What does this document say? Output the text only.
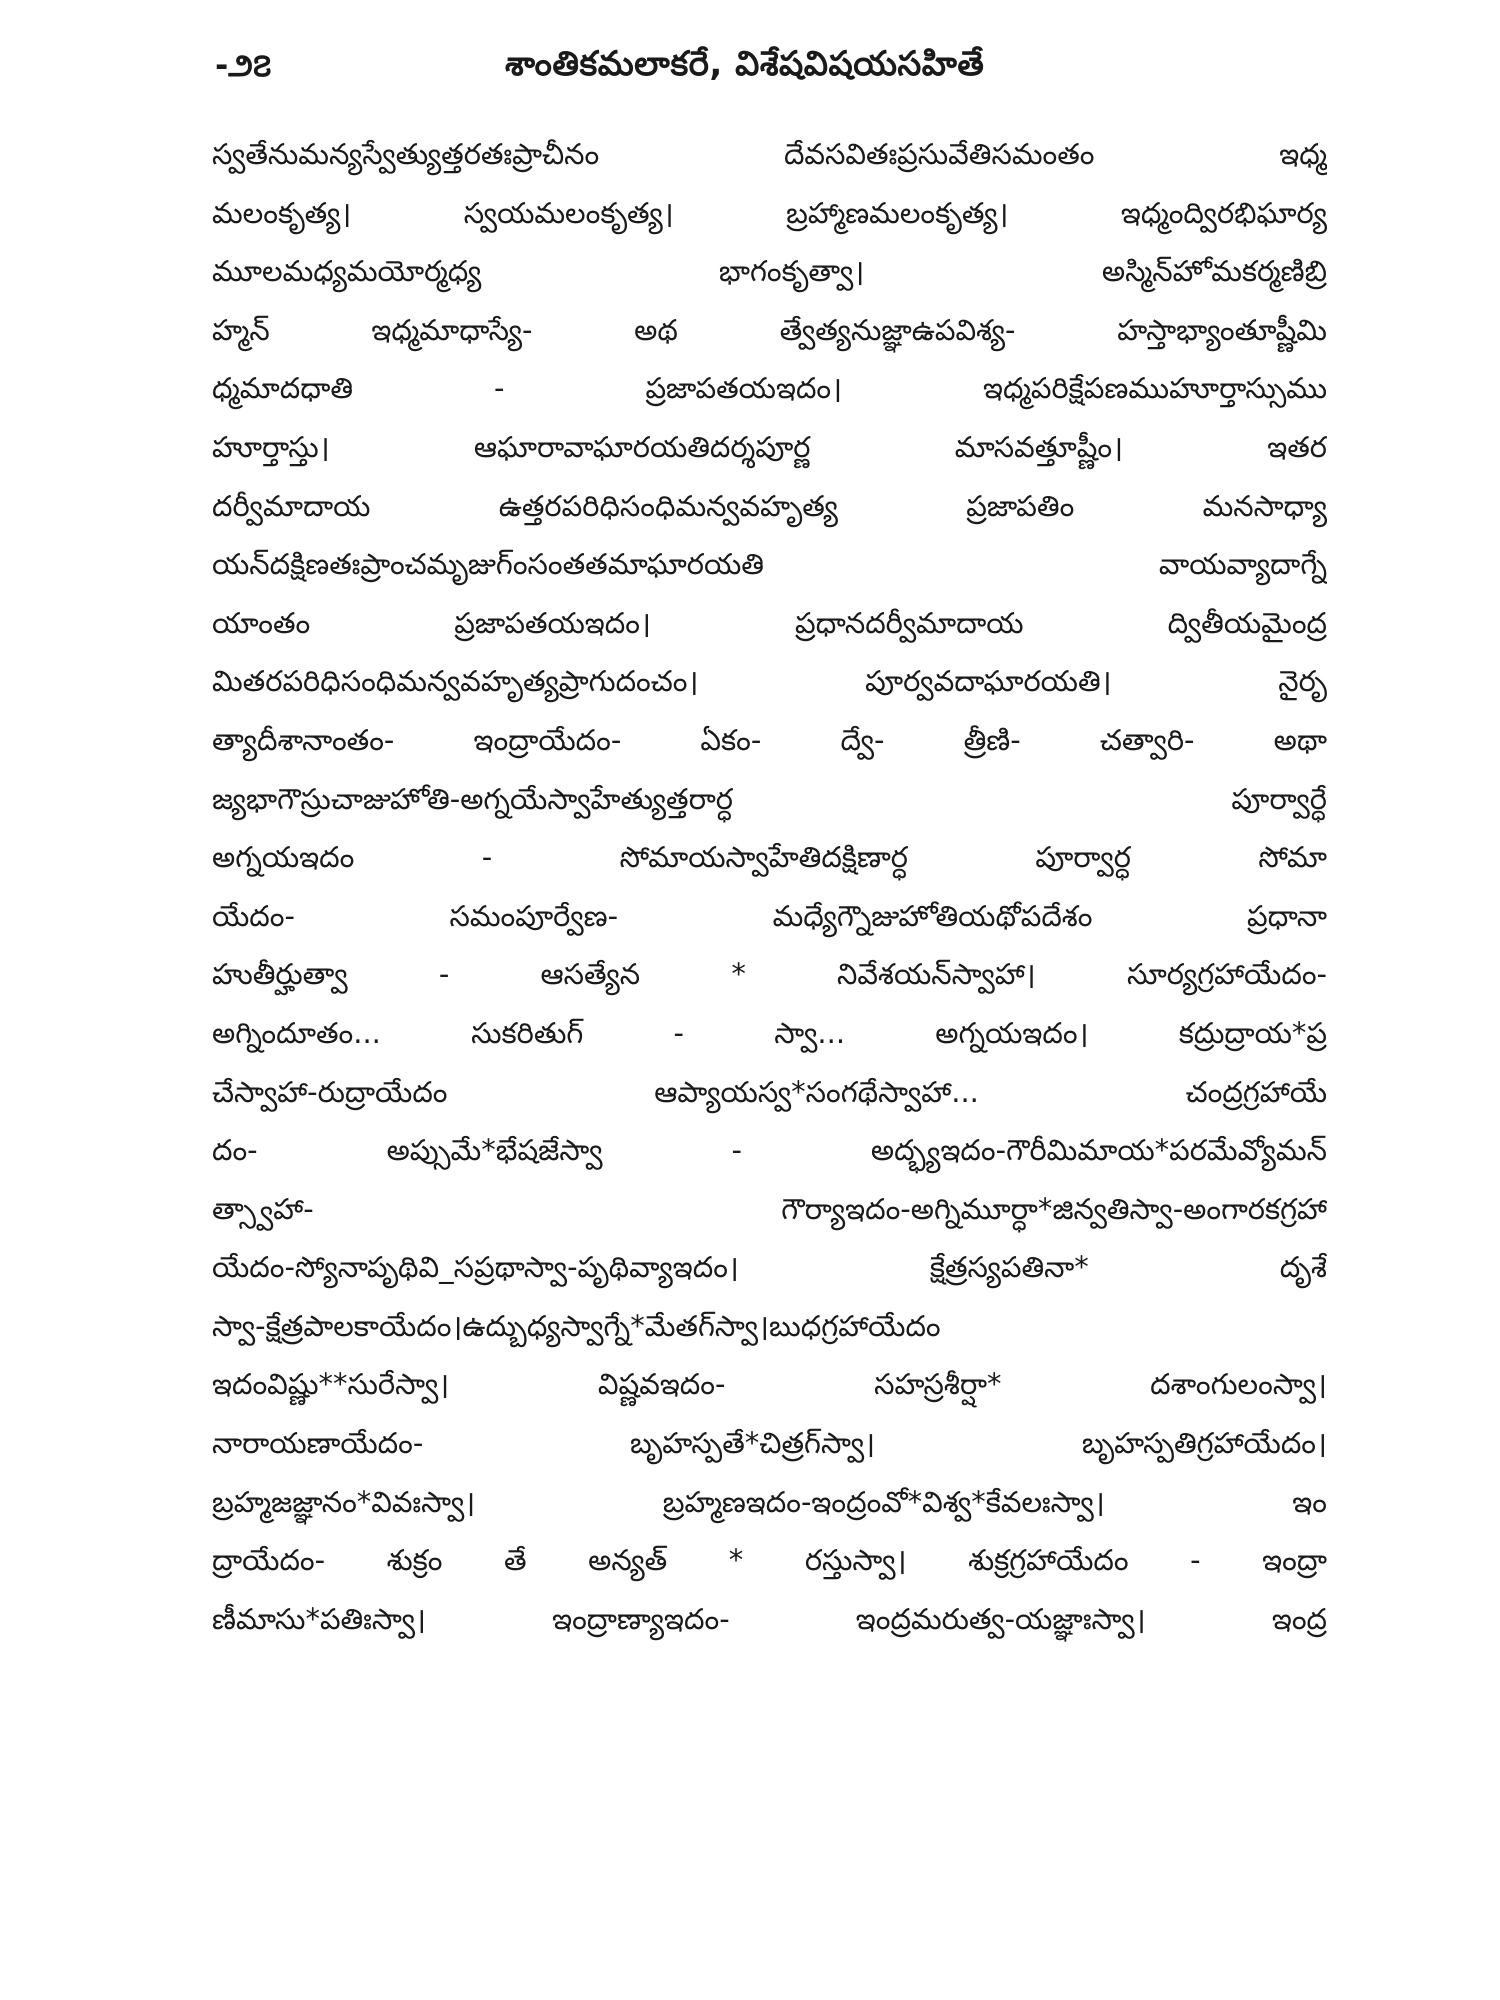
-౨౭	శాంతికమలాకరే, విశేషవిషయసహితే
స్వతేనుమన్యస్వేత్యుత్తరతఃప్రాచీనం దేవసవితఃప్రసువేతిసమంతం ఇధ్మ
మలంకృత్య। స్వయమలంకృత్య। బ్రహ్మాణమలంకృత్య। ఇధ్మంద్విరభిఘార్య
మూలమధ్యమయోర్మధ్య భాగంకృత్వా। అస్మిన్‌హోమకర్మణిబ్రి
హ్మన్ ఇధ్మమాధాస్యే- అథ త్వేత్యనుజ్ఞాఉపవిశ్య- హస్తాభ్యాంతూష్ణీమి
ధ్మమాదధాతి - ప్రజాపతయఇదం। ఇధ్మపరిక్షేపణముహూర్తాస్సుము
హూర్తాస్తు। ఆఘారావాఘారయతిదర్శపూర్ణ మాసవత్తూష్ణీం। ఇతర
దర్వీమాదాయ ఉత్తరపరిధిసంధిమన్వవహృత్య ప్రజాపతిం మనసాధ్యా
యన్‌దక్షిణతఃప్రాంచమృజుగ్‌ంసంతతమాఘారయతి వాయవ్యాదాగ్నే
యాంతం ప్రజాపతయఇదం। ప్రధానదర్వీమాదాయ ద్వితీయమైంద్ర
మితరపరిధిసంధిమన్వవహృత్యప్రాగుదంచం। పూర్వవదాఘారయతి। నైరృ
త్యాదీశానాంతం- ఇంద్రాయేదం- ఏకం- ద్వే- త్రీణి- చత్వారి- అథా
జ్యభాగౌస్రుచాజుహోతి-అగ్నయేస్వాహేత్యుత్తరార్ధ పూర్వార్ధే
అగ్నయఇదం - సోమాయస్వాహేతిదక్షిణార్ధ పూర్వార్ధ సోమా
యేదం- సమంపూర్వేణ- మధ్యేగ్నౌజుహోతియథోపదేశం ప్రధానా
హుతీర్హుత్వా - ఆసత్యేన * నివేశయన్‌స్వాహా। సూర్యగ్రహాయేదం-
అగ్నిందూతం... సుకరితుగ్ - స్వా... అగ్నయఇదం। కద్రుద్రాయ*ప్ర
చేస్వాహా-రుద్రాయేదం ఆప్యాయస్వ*సంగథేస్వాహా... చంద్రగ్రహాయే
దం- అప్సుమే*భేషజేస్వా - అద్భ్యఇదం-గౌరీమిమాయ*పరమేవ్యోమన్
త్స్వాహా- గౌర్యాఇదం-అగ్నిమూర్ధా*జిన్వతిస్వా-అంగారకగ్రహా
యేదం-స్యోనాపృథివి_సప్రథాస్వా-పృథివ్యాఇదం। క్షేత్రస్యపతినా* దృశే
స్వా-క్షేత్రపాలకాయేదం।ఉద్బుధ్యస్వాగ్నే*మేతగ్‌స్వా।బుధగ్రహాయేదం
ఇదంవిష్ణు**సురేస్వా। విష్ణవఇదం- సహస్రశీర్షా* దశాంగులంస్వా।
నారాయణాయేదం- బృహస్పతే*చిత్రగ్‌స్వా। బృహస్పతిగ్రహాయేదం।
బ్రహ్మజజ్ఞానం*వివఃస్వా। బ్రహ్మణఇదం-ఇంద్రంవో*విశ్వ*కేవలఃస్వా। ఇం
ద్రాయేదం- శుక్రం తే అన్యత్ * రస్తుస్వా। శుక్రగ్రహాయేదం - ఇంద్రా
ణీమాసు*పతిఃస్వా। ఇంద్రాణ్యాఇదం- ఇంద్రమరుత్వ-యజ్ఞాఃస్వా। ఇంద్ర
